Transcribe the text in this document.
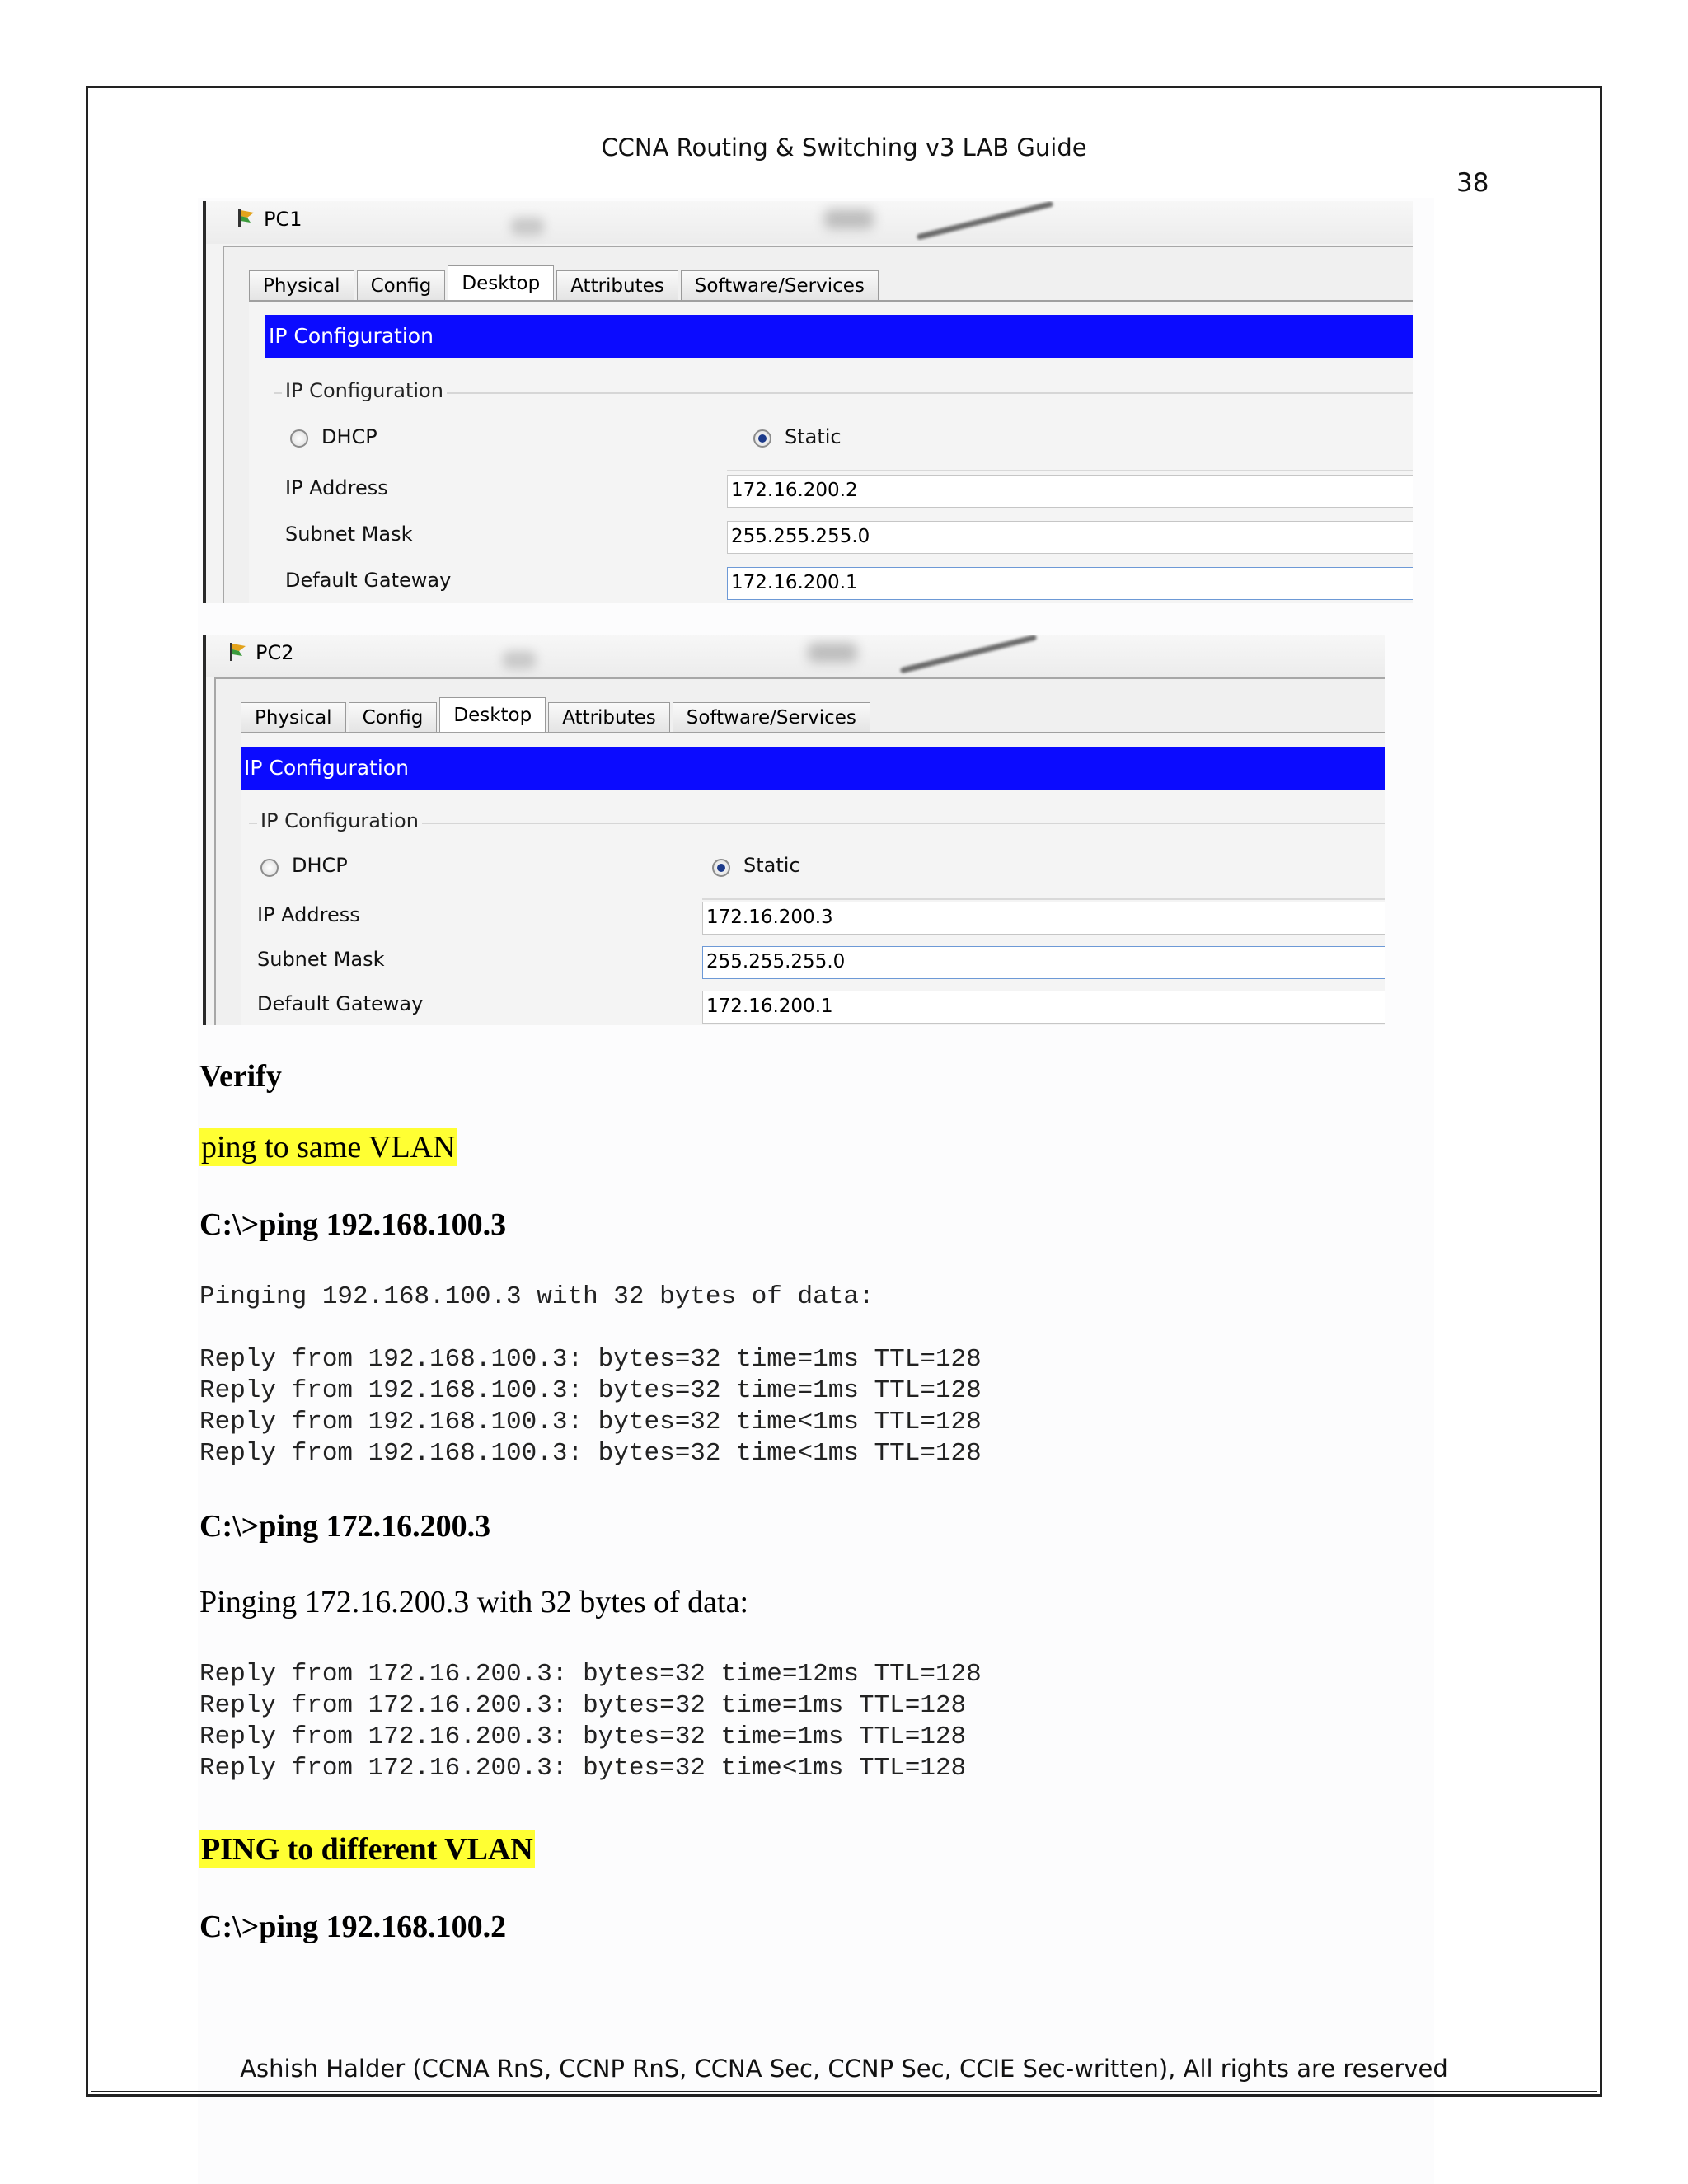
CCNA Routing & Switching v3 LAB Guide
38
PC1
Physical	Config	Desktop	Attributes	Software/Services
IP Configuration
IP Configuration
DHCP	Static
IP Address	172.16.200.2
Subnet Mask	255.255.255.0
Default Gateway	172.16.200.1
PC2
Physical	Config	Desktop	Attributes	Software/Services
IP Configuration
IP Configuration
DHCP	Static
IP Address	172.16.200.3
Subnet Mask	255.255.255.0
Default Gateway	172.16.200.1
Verify
ping to same VLAN
C:\>ping 192.168.100.3
Pinging 192.168.100.3 with 32 bytes of data:
Reply from 192.168.100.3: bytes=32 time=1ms TTL=128
Reply from 192.168.100.3: bytes=32 time=1ms TTL=128
Reply from 192.168.100.3: bytes=32 time<1ms TTL=128
Reply from 192.168.100.3: bytes=32 time<1ms TTL=128
C:\>ping 172.16.200.3
Pinging 172.16.200.3 with 32 bytes of data:
Reply from 172.16.200.3: bytes=32 time=12ms TTL=128
Reply from 172.16.200.3: bytes=32 time=1ms TTL=128
Reply from 172.16.200.3: bytes=32 time=1ms TTL=128
Reply from 172.16.200.3: bytes=32 time<1ms TTL=128
PING to different VLAN
C:\>ping 192.168.100.2
Ashish Halder (CCNA RnS, CCNP RnS, CCNA Sec, CCNP Sec, CCIE Sec-written), All rights are reserved
